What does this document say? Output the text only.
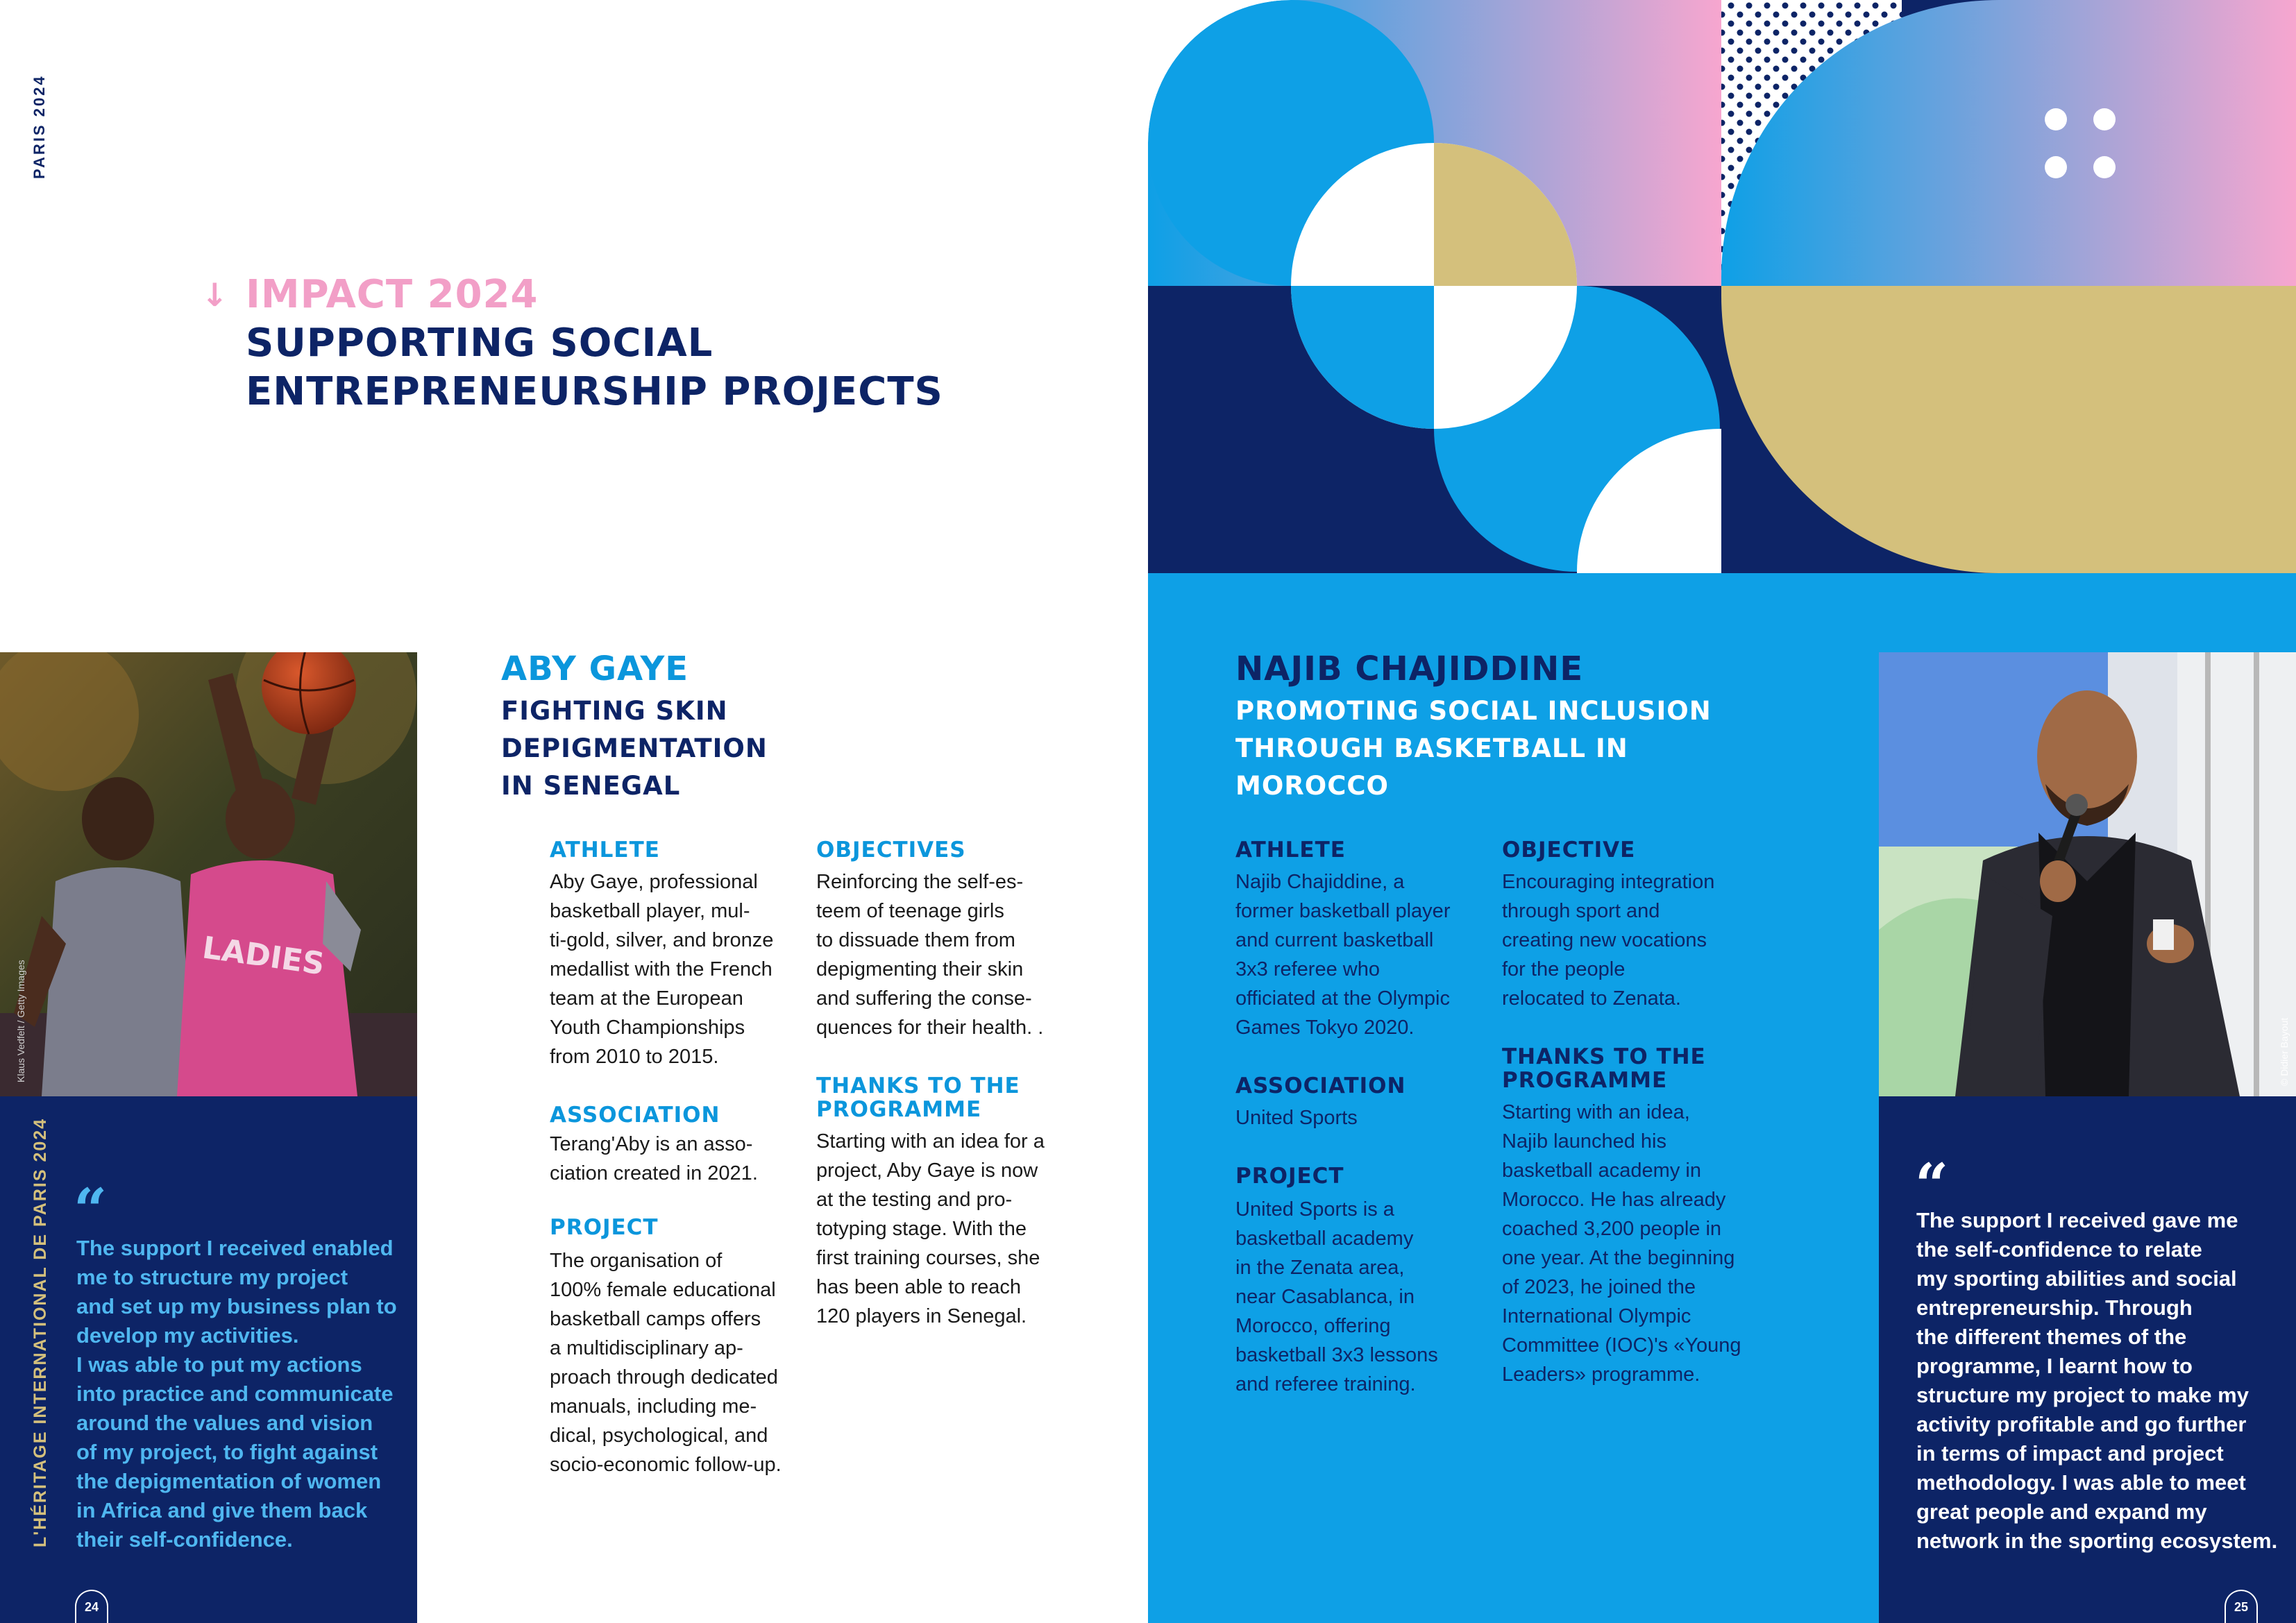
PARIS 2024
↓ IMPACT 2024
SUPPORTING SOCIAL
ENTREPRENEURSHIP PROJECTS
LADIES
Klaus Vedfelt / Getty Images
L'HÉRITAGE INTERNATIONAL DE PARIS 2024 “
The support I received enabled
me to structure my project
and set up my business plan to
develop my activities.
I was able to put my actions
into practice and communicate
around the values and vision
of my project, to fight against
the depigmentation of women
in Africa and give them back
their self-confidence.
24
ABY GAYE
FIGHTING SKIN DEPIGMENTATION
IN SENEGAL
ATHLETE
Aby Gaye, professional
basketball player, mul-
ti-gold, silver, and bronze
medallist with the French
team at the European
Youth Championships
from 2010 to 2015.
ASSOCIATION
Terang'Aby is an asso-
ciation created in 2021.
PROJECT
The organisation of
100% female educational
basketball camps offers
a multidisciplinary ap-
proach through dedicated
manuals, including me-
dical, psychological, and
socio-economic follow-up.
OBJECTIVES
Reinforcing the self-es-
teem of teenage girls
to dissuade them from
depigmenting their skin
and suffering the conse-
quences for their health. .
THANKS TO THE
PROGRAMME
Starting with an idea for a
project, Aby Gaye is now
at the testing and pro-
totyping stage. With the
first training courses, she
has been able to reach
120 players in Senegal.
NAJIB CHAJIDDINE
PROMOTING SOCIAL INCLUSION
THROUGH BASKETBALL IN MOROCCO
ATHLETE
Najib Chajiddine, a
former basketball player
and current basketball
3x3 referee who
officiated at the Olympic
Games Tokyo 2020.
ASSOCIATION
United Sports
PROJECT
United Sports is a
basketball academy
in the Zenata area,
near Casablanca, in
Morocco, offering
basketball 3x3 lessons
and referee training.
OBJECTIVE
Encouraging integration
through sport and
creating new vocations
for the people
relocated to Zenata.
THANKS TO THE
PROGRAMME
Starting with an idea,
Najib launched his
basketball academy in
Morocco. He has already
coached 3,200 people in
one year. At the beginning
of 2023, he joined the
International Olympic
Committee (IOC)'s «Young
Leaders» programme.
© Didier Bayout
“
The support I received gave me
the self-confidence to relate
my sporting abilities and social
entrepreneurship. Through
the different themes of the
programme, I learnt how to
structure my project to make my
activity profitable and go further
in terms of impact and project
methodology. I was able to meet
great people and expand my
network in the sporting ecosystem.
25
